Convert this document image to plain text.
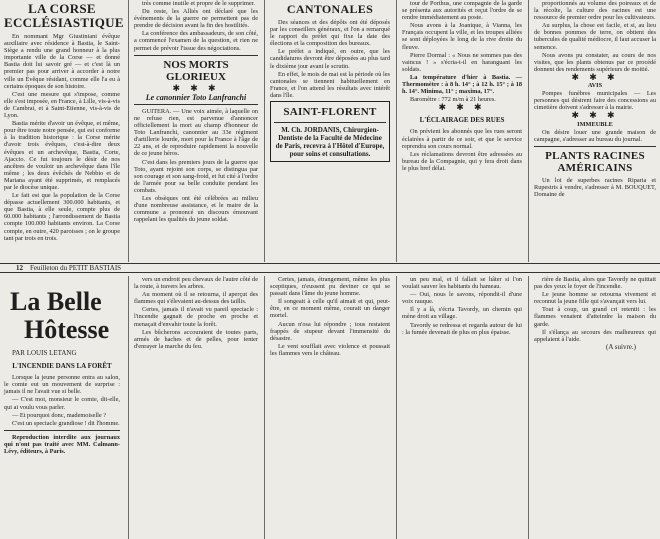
LA CORSE ECCLÉSIASTIQUE

En nommant Mgr Giustiniani évêque auxiliaire avec résidence à Bastia, le Saint-Siège a rendu une grand honneur à la plus importante ville de la Corse — et donné Bastia doit lui savoir gré — et c'est là un premier pas pour arriver à accorder à notre ville un Évêque résidant, comme elle l'a eu à certains époques de son histoire.

C'est une mesure qui s'impose, comme elle s'est imposée, en France, à Lille, vis-à-vis de Cambrai, et à Saint-Etienne, vis-à-vis de Lyon.

Bastia mérite d'avoir un évêque, et même, pour être toute notre pensée, qui est conforme à la tradition historique : la Corse mérite d'avoir trois évêques, c'est-à-dire deux évêques et un archevêque, Bastia, Corte, Ajaccio. Ce fut toujours le désir de nos ancêtres de vouloir un archevêque dans l'île même ; les deux évêchés de Nebbio et de Mariana ayant été supprimés, et remplacés par le diocèse unique.

Le fait est que la population de la Corse dépasse actuellement 300.000 habitants, et que Bastia, à elle seule, compte plus de 60.000 habitants ; l'arrondissement de Bastia compte 100.000 habitants environ. La Corse compte, en outre, 420 paroisses ; on le groupe tant par trois en trois.

très comme inutile et propre de le supprimer.

Du reste, les Alliés ont déclaré que les événements de la guerre ne permettent pas de prendre de décision avant la fin des hostilités.

La conférence des ambassadeurs, de son côté, a commencé l'examen de la question, et rien ne permet de prévoir l'issue des négociations.

NOS MORTS GLORIEUX
✱ ✱ ✱
Le canonnier Toto Lanfranchi

GUITERA. — Une voix aimée, à laquelle on ne refuse rien, est parvenue d'annoncer officiellement la mort au champ d'honneur de Toto Lanfranchi, canonnier au 33e régiment d'artillerie lourde, mort pour la France à l'âge de 22 ans, et de reproduire rapidement la nouvelle de ce jeune héros.

C'est dans les premiers jours de la guerre que Toto, ayant rejoint son corps, se distingua par son courage et son sang-froid, et fut cité à l'ordre de l'armée pour sa belle conduite pendant les combats.

Les obsèques ont été célébrées au milieu d'une nombreuse assistance, et le maire de la commune a prononcé un discours émouvant rappelant les qualités du jeune soldat.

CANTONALES

Des séances et des dépôts ont été déposés par les conseillers généraux, et l'on a remarqué le rapport du préfet qui fixe la date des élections et la composition des bureaux.

Le préfet a indiqué, en outre, que les candidatures devront être déposées au plus tard le dixième jour avant le scrutin.

En effet, le mois de mai est la période où les cantonales se tiennent habituellement en France, et l'on attend les résultats avec intérêt dans l'île.

SAINT-FLORENT

M. Ch. JORDANIS, Chirurgien-Dentiste de la Faculté de Médecine de Paris, recevra à l'Hôtel d'Europe, pour soins et consultations.

tour de Porthus, une compagnie de la garde se présenta aux autorités et reçut l'ordre de se rendre immédiatement au poste.

Nous avons à la Joanique, à Vianna, les Français occupent la ville, et les troupes alliées se sont déployées le long de la rive droite du fleuve.

Pierre Dormal : « Nous ne sommes pas des vaincus ! » s'écria-t-il en haranguant les soldats.

La température d'hier à Bastia. — Thermomètre : à 8 h. 14° ; à 12 h. 15° ; à 18 h. 14°. Minima, 11° ; maxima, 17°.

Baromètre : 772 m/m à 21 heures.

✱ ✱ ✱
L'ÉCLAIRAGE DES RUES

On prévient les abonnés que les rues seront éclairées à partir de ce soir, et que le service reprendra son cours normal.

Les réclamations devront être adressées au bureau de la Compagnie, qui y fera droit dans le plus bref délai.

proportionnés au volume des poireaux et de la récolte, la culture des racines est une ressource de premier ordre pour les cultivateurs.

Au surplus, la chose est facile, et si, au lieu de bonnes pommes de terre, on obtient des tubercules de qualité médiocre, il faut accuser la semence.

Nous avons pu constater, au cours de nos visites, que les plants obtenus par ce procédé donnent des rendements supérieurs de moitié.

✱ ✱ ✱

AVIS

Pompes funèbres municipales — Les personnes qui désirent faire des concessions au cimetière doivent s'adresser à la mairie.

✱ ✱ ✱

IMMEUBLE

On désire louer une grande maison de campagne, s'adresser au bureau du journal.

PLANTS RACINES AMÉRICAINS

Un lot de superbes racines Riparia et Rupestris à vendre, s'adresser à M. BOUQUET, Domaine de

12 Feuilleton du PETIT BASTIAIS
La Belle
Hôtesse
PAR LOUIS LETANG
L'INCENDIE DANS LA FORÊT

Lorsque la jeune personne entra au salon, le comte eut un mouvement de surprise : jamais il ne l'avait vue si belle.

— C'est moi, monsieur le comte, dit-elle, qui ai voulu vous parler.

— Et pourquoi donc, mademoiselle ?

C'est un spectacle grandiose ! dit l'homme.

Reproduction interdite aux journaux qui n'ont pas traité avec MM. Calmann-Lévy, éditeurs, à Paris.

vers un endroit peu chevaux de l'autre côté de la route, à travers les arbres.

Au moment où il se retourna, il aperçut des flammes qui s'élevaient au-dessus des taillis.

Certes, jamais il n'avait vu pareil spectacle : l'incendie gagnait de proche en proche et menaçait d'envahir toute la forêt.

Les bûcherons accouraient de toutes parts, armés de haches et de pelles, pour tenter d'enrayer la marche du feu.

Certes, jamais, étrangement, même les plus sceptiques, n'eussent pu deviner ce qui se passait dans l'âme du jeune homme.

Il songeait à celle qu'il aimait et qui, peut-être, en ce moment même, courait un danger mortel.

Aucun n'osa lui répondre ; tous restaient frappés de stupeur devant l'immensité du désastre.

Le vent soufflait avec violence et poussait les flammes vers le château.

un peu mal, et il fallait se hâter si l'on voulait sauver les habitants du hameau.

— Oui, nous le savons, répondit-il d'une voix rauque.

Il y a là, s'écria Tavordy, un chemin qui mène droit au village.

Tavordy se redressa et regarda autour de lui : la fumée devenait de plus en plus épaisse.

rière de Bastia, alors que Tavordy ne quittait pas des yeux le foyer de l'incendie.

Le jeune homme se retourna vivement et reconnut la jeune fille qui s'avançait vers lui.

Tout à coup, un grand cri retentit : les flammes venaient d'atteindre la maison du garde.

Il s'élança au secours des malheureux qui appelaient à l'aide.

(A suivre.)
